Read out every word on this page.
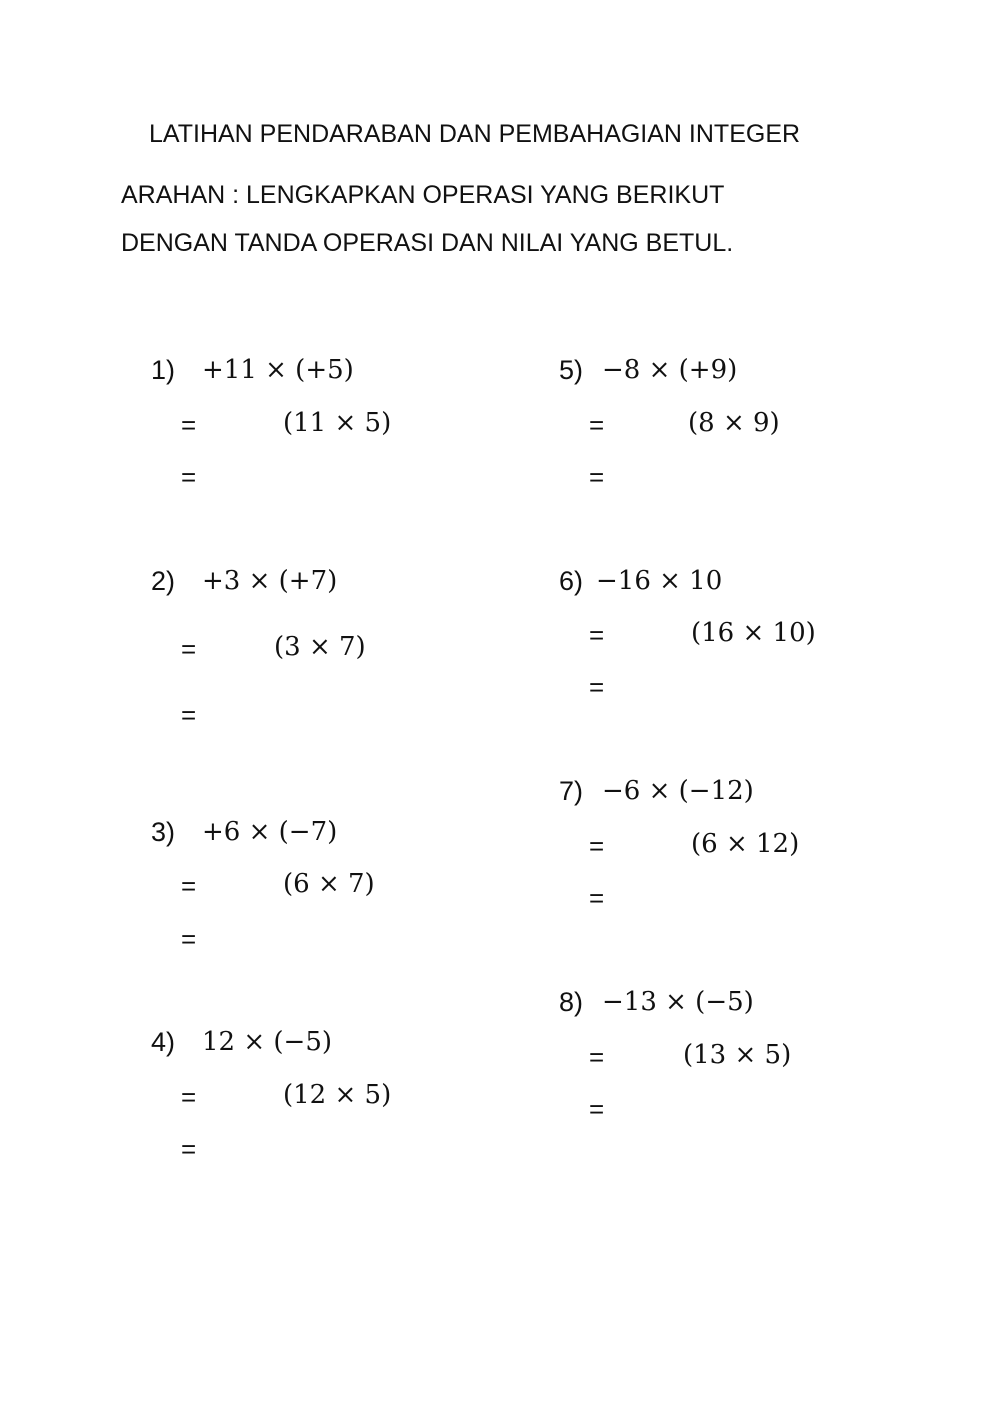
LATIHAN PENDARABAN DAN PEMBAHAGIAN INTEGER
ARAHAN : LENGKAPKAN OPERASI YANG BERIKUT
DENGAN TANDA OPERASI DAN NILAI YANG BETUL.
1) +11 × (+5)
=	(11 × 5)
=
2) +3 × (+7)
=	(3 × 7)
=
3) +6 × (−7)
=	(6 × 7)
=
4) 12 × (−5)
=	(12 × 5)
=
5) −8 × (+9)
=	(8 × 9)
=
6) −16 × 10
=	(16 × 10)
=
7) −6 × (−12)
=	(6 × 12)
=
8) −13 × (−5)
=	(13 × 5)
=
